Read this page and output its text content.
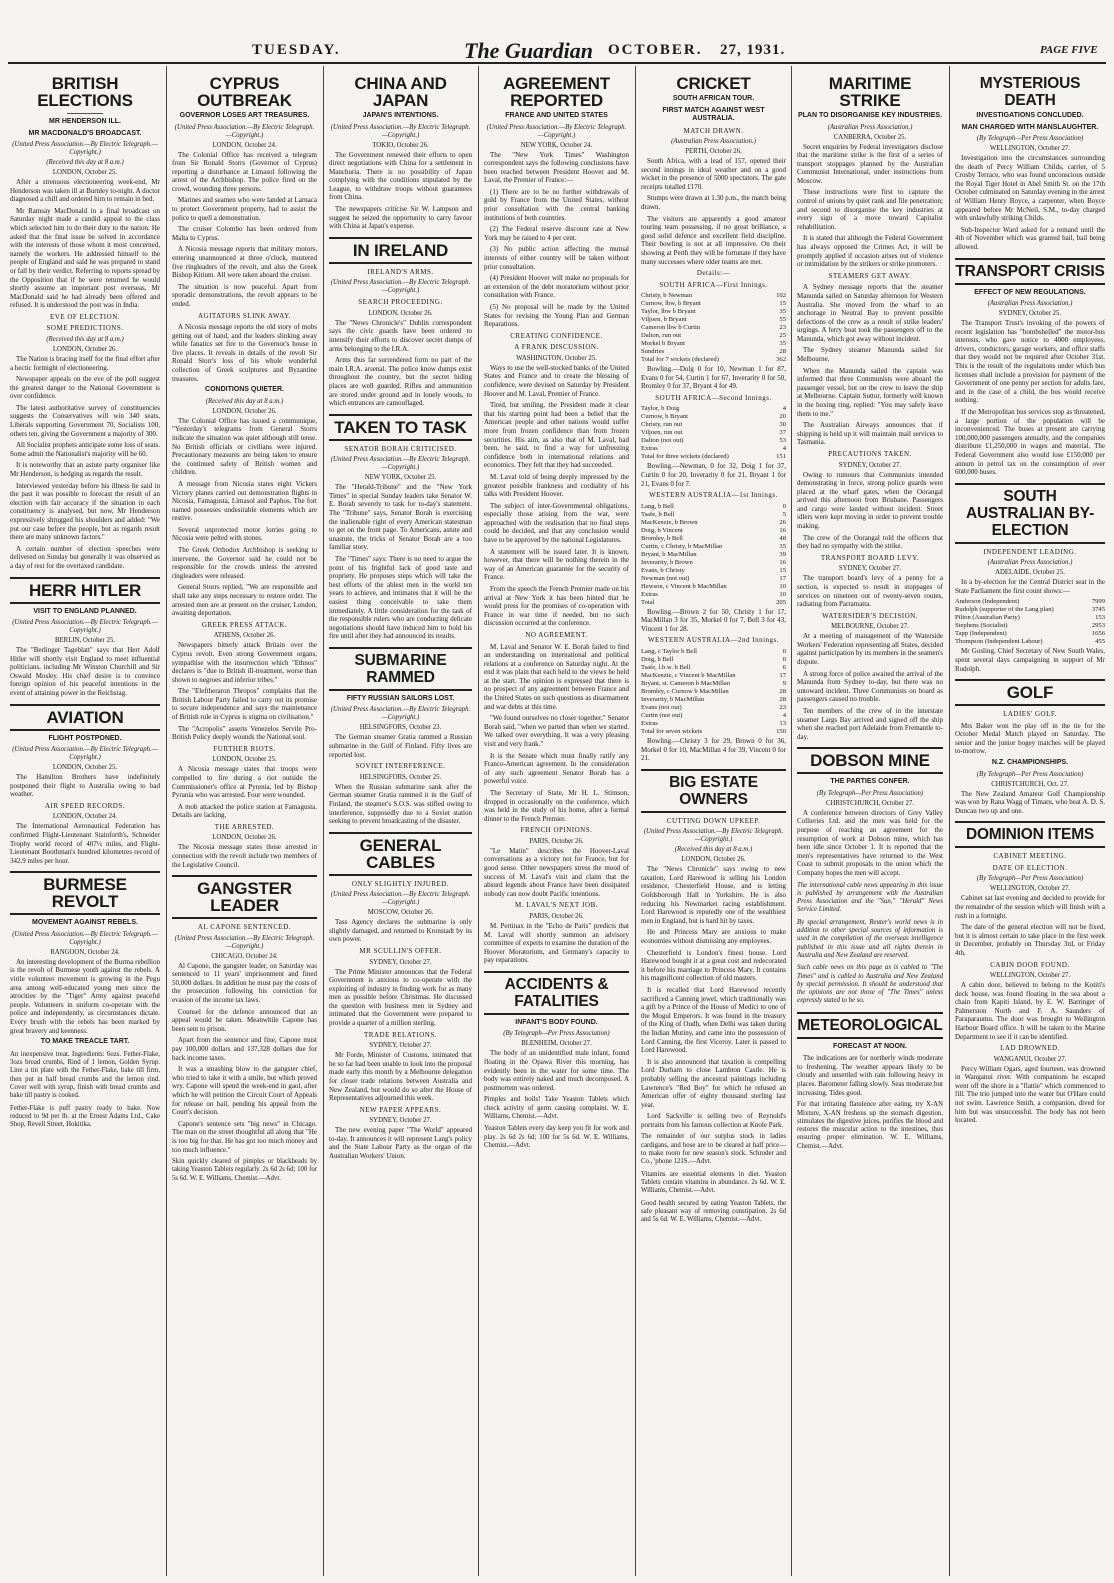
TUESDAY.	The Guardian OCTOBER. 27, 1931.	PAGE FIVE
BRITISH ELECTIONS
MR HENDERSON ILL.
MR MACDONALD'S BROADCAST.
(United Press Association.—By Electric Telegraph.—Copyright.)
(Received this day at 8 a.m.)
LONDON, October 25.

After a strenuous electioneering week-end, Mr Henderson was taken ill at Burnley to-night. A doctor diagnosed a chill and ordered him to remain in bed.

Mr Ramsay MacDonald in a final broadcast on Saturday night made a candid appeal to the class which selected him to do their duty to the nation. He asked that the final issue be solved in accordance with the interests of those whom it most concerned, namely the workers. He addressed himself to the people of England and said he was prepared to stand or fall by their verdict. Referring to reports spread by the Opposition that if he were returned he would shortly assume an important post overseas, Mr MacDonald said he had already been offered and refused. It is understood the post was in India.

EVE OF ELECTION.
SOME PREDICTIONS.
(Received this day at 8 a.m.)
LONDON, October 26.

The Nation is bracing itself for the final effort after a hectic fortnight of electioneering.

Newspaper appeals on the eve of the poll suggest the greatest danger to the National Government is over confidence.

The latest authoritative survey of constituencies suggests the Conservatives will win 340 seats, Liberals supporting Government 70, Socialists 100, others ten, giving the Government a majority of 300.

All Socialist prophets anticipate some loss of seats. Some admit the Nationalist's majority will be 60.

It is noteworthy that an astute party organiser like Mr Henderson, is hedging as regards the result.

Interviewed yesterday before his illness he said in the past it was possible to forecast the result of an election with fair accuracy if the situation in each constituency is analysed, but now, Mr Henderson expressively shrugged his shoulders and added: "We put our case before the people, but as regards result there are many unknown factors."

A certain number of election speeches were delivered on Sunday but generally it was observed as a day of rest for the overtaxed candidate.

HERR HITLER
VISIT TO ENGLAND PLANNED.
(United Press Association.—By Electric Telegraph.—Copyright.)
BERLIN, October 25.

The "Berlinger Tageblatt" says that Herr Adolf Hitler will shortly visit England to meet influential politicians, including Mr Winston Churchill and Sir Oswald Mosley. His chief desire is to convince foreign opinion of his peaceful intentions in the event of attaining power in the Reichstag.

AVIATION
FLIGHT POSTPONED.
(United Press Association.—By Electric Telegraph.—Copyright.)
LONDON, October 25.

The Hamilton Brothers have indefinitely postponed their flight to Australia owing to bad weather.

AIR SPEED RECORDS.
LONDON, October 24.

The International Aeronautical Federation has confirmed Flight-Lieutenant Stainforth's, Schneider Trophy world record of 407½ miles, and Flight-Lieutenant Boothman's hundred kilometres record of 342.9 miles per hour.

BURMESE REVOLT
MOVEMENT AGAINST REBELS.
(United Press Association.—By Electric Telegraph.—Copyright.)
RANGOON, October 24.

An interesting development of the Burma rebellion is the revolt of Burmese youth against the rebels. A virile volunteer movement is growing in the Pegu area among well-educated young men since the atrocities by the "Tiger" Army against peaceful people. Volunteers in uniform co-operate with the police and independently, as circumstances dictate. Every brush with the rebels has been marked by great bravery and keenness.

TO MAKE TREACLE TART.

An inexpensive treat. Ingredients: 6ozs. Fether-Flake, 3ozs bread crumbs, Rind of 1 lemon, Golden Syrup. Line a tin plate with the Fether-Flake, bake till firm, then put in half bread crumbs and the lemon rind. Cover well with syrup, finish with bread crumbs and bake till pastry is cooked.

Fether-Flake is puff pastry ready to bake. Now reduced to 9d per lb. at the Ernest Adams Ltd., Cake Shop, Revell Street, Hokitika.

CYPRUS OUTBREAK
GOVERNOR LOSES ART TREASURES.
(United Press Association.—By Electric Telegraph.—Copyright.)
LONDON, October 24.

The Colonial Office has received a telegram from Sir Ronald Storrs (Governor of Cyprus) reporting a disturbance at Limasol following the arrest of the Archbishop. The police fired on the crowd, wounding three persons.

Marines and seamen who were landed at Larnaca to protect Government property, had to assist the police to quell a demonstration.

The cruiser Colombo has been ordered from Malta to Cyprus.

A Nicosia message reports that military motors, entering unannounced at three o'clock, mustered five ringleaders of the revolt, and also the Greek Bishop Kitium. All were taken aboard the cruiser.

The situation is now peaceful. Apart from sporadic demonstrations, the revolt appears to be ended.

AGITATORS SLINK AWAY.

A Nicosia message reports the old story of mobs getting out of hand, and the leaders slinking away while fanatics set fire to the Governor's house in five places. It reveals in details of the revolt Sir Ronald Storr's loss of his whole wonderful collection of Greek sculptures and Byzantine treasures.

CONDITIONS QUIETER.
(Received this day at 8 a.m.)
LONDON, October 26.

The Colonial Office has issued a communique, "Yesterday's telegrams from General Storrs indicate the situation was quiet although still tense. No British officials or civilians were injured. Precautionary measures are being taken to ensure the continued safety of British women and children.

A message from Nicosia states eight Vickers Victory planes carried out demonstration flights in Nicosia, Famagusta, Limasol and Paphos. The fort named possesses undesirable elements which are restive.

Several unprotected motor lorries going to Nicosia were pelted with stones.

The Greek Orthodox Archbishop is seeking to intervene, the Governor said he could not be responsible for the crowds unless the arrested ringleaders were released.

General Storrs replied, "We are responsible and shall take any steps necessary to restore order. The arrested men are at present on the cruiser, London, awaiting deportation.

GREEK PRESS ATTACK.
ATHENS, October 26.

Newspapers bitterly attack Britain over the Cyprus revolt. Even strong Government organs, sympathise with the insurrection which "Ethnos" declares is "due to British ill-treatment, worse than shown to negroes and inferior tribes."

The "Eleftheraron Thropos" complains that the British Labour Party failed to carry out its promise to secure independence and says the maintenance of British rule in Cyprus is stigma on civilisation."

The "Acropolis" asserts Venezelos Servile Pro-British Policy deeply wounds the National soul.

FURTHER RIOTS.
LONDON, October 25.

A Nicosia message states that troops were compelled to fire during a riot outside the Commissioner's office at Pyrenia, led by Bishop Pyrania who was arrested. Four were wounded.

A mob attacked the police station at Famagusta. Details are lacking.

THE ARRESTED.
LONDON, October 26.

The Nicosia message states those arrested in connection with the revolt include two members of the Legislative Council.

GANGSTER LEADER
AL CAPONE SENTENCED.
(United Press Association.—By Electric Telegraph.—Copyright.)
CHICAGO, October 24.

Al Capone, the gangster leader, on Saturday was sentenced to 11 years' imprisonment and fined 50,000 dollars. In addition he must pay the costs of the prosecution following his conviction for evasion of the income tax laws.

Counsel for the defence announced that an appeal would be taken. Meanwhile Capone has been sent to prison.

Apart from the sentence and fine, Capone must pay 100,000 dollars and 137,328 dollars due for back income taxes.

It was a smashing blow to the gangster chief, who tried to take it with a smile, but which proved wry. Capone will spend the week-end in gaol, after which he will petition the Circuit Court of Appeals for release on bail, pending his appeal from the Court's decision.

Capone's sentence sets "big news" in Chicago. The man on the street thoughtful all along that "He is too big for that. He has got too much money and too much influence."

Skin quickly cleared of pimples or blackheads by taking Yeaston Tablets regularly. 2s 6d 2s 6d; 100 for 5s 6d. W. E. Williams, Chemist.—Advt.

CHINA AND JAPAN
JAPAN'S INTENTIONS.
(United Press Association.—By Electric Telegraph.—Copyright.)
TOKIO, October 26.

The Government renewed their efforts to open direct negotiations with China for a settlement in Manchuria. There is no possibility of Japan complying with the conditions stipulated by the League, to withdraw troops without guarantees from China.

The newspapers criticise Sir W. Lampson and suggest he seized the opportunity to carry favour with China at Japan's expense.

IN IRELAND
IRELAND'S ARMS.
(United Press Association.—By Electric Telegraph.—Copyright.)
SEARCH PROCEEDING.
LONDON, October 26.

The "News Chronicle's" Dublin correspondent says the civic guards have been ordered to intensify their efforts to discover secret dumps of arms belonging to the I.R.A.

Arms thus far surrendered form no part of the main I.R.A. arsenal. The police know dumps exist throughout the country, but the secret hiding places are well guarded. Rifles and ammunition are stored under ground and in lonely woods, to which entrances are camouflaged.

TAKEN TO TASK
SENATOR BORAH CRITICISED.
(United Press Association.—By Electric Telegraph.—Copyright.)
NEW YORK, October 25.

The "Herald-Tribune" and the "New York Times" in special Sunday leaders take Senator W. E. Borah severely to task for to-day's statement. The "Tribune" says, Senator Borah is exercising the inalienable right of every American statesman to get on the front page. To Americans, astute and unastute, the tricks of Senator Borah are a too familiar story.

The "Times" says: There is no need to argue the point of his frightful lack of good taste and propriety. He proposes steps which will take the best efforts of the ablest men in the world ten years to achieve, and intimates that it will be the easiest thing conceivable to take them immediately. A little consideration for the task of the responsible rulers who are conducting delicate negotiations should have induced him to hold his fire until after they had announced its results.

SUBMARINE RAMMED
FIFTY RUSSIAN SAILORS LOST.
(United Press Association.—By Electric Telegraph.—Copyright.)
HELSINGFORS, October 23.

The German steamer Gratia rammed a Russian submarine in the Gulf of Finland. Fifty lives are reported lost.

SOVIET INTERFERENCE.
HELSINGFORS, October 25.

When the Russian submarine sank after the German steamer Gratia rammed it in the Gulf of Finland, the steamer's S.O.S. was stifled owing to interference, supposedly due to a Soviet station seeking to prevent broadcasting of the disaster.

GENERAL CABLES
ONLY SLIGHTLY INJURED.
(United Press Association.—By Electric Telegraph.—Copyright.)
MOSCOW, October 26.

Tass Agency declares the submarine is only slightly damaged, and returned to Kronstadt by its own power.

MR SCULLIN'S OFFER.
SYDNEY, October 27.

The Prime Minister announces that the Federal Government is anxious to co-operate with the exploiting of industry in finding work for as many men as possible before Christmas. He discussed the question with business men in Sydney and intimated that the Government were prepared to provide a quarter of a million sterling.

TRADE RELATIONS.
SYDNEY, October 27.

Mr Forde, Minister of Customs, intimated that he so far had been unable to look into the proposal made early this month by a Melbourne delegation for closer trade relations between Australia and New Zealand, but would do so after the House of Representatives adjourned this week.

NEW PAPER APPEARS.
SYDNEY, October 27.

The new evening paper "The World" appeared to-day. It announces it will represent Lang's policy and the State Labour Party as the organ of the Australian Workers' Union.

AGREEMENT REPORTED
FRANCE AND UNITED STATES
(United Press Association.—By Electric Telegraph.—Copyright.)
NEW YORK, October 24.

The "New York Times" Washington correspondent says the following conclusions have been reached between President Hoover and M. Laval, the Premier of France:—

(1) There are to be no further withdrawals of gold by France from the United States, without prior consultation with the central banking institutions of both countries.

(2) The Federal reserve discount rate at New York may be raised to 4 per cent.

(3) No public action affecting the mutual interests of either country will be taken without prior consultation.

(4) President Hoover will make no proposals for an extension of the debt moratorium without prior consultation with France.

(5) No proposal will be made by the United States for revising the Young Plan and German Reparations.

CREATING CONFIDENCE.
A FRANK DISCUSSION.
WASHINGTON, October 25.

Ways to use the well-stocked banks of the United States and France and to create the blessing of confidence, were devised on Saturday by President Hoover and M. Laval, Premier of France.

Tired, but smiling, the President made it clear that his starting point had been a belief that the American people and other nations would suffer more from frozen confidence than from frozen securities. His aim, as also that of M. Laval, had been, he said, to find a way for unfreezing confidence both in international relations and economics. They felt that they had succeeded.

M. Laval told of being deeply impressed by the greatest possible frankness and cordiality of his talks with President Hoover.

The subject of inter-Governmental obligations, especially those arising from the war, were approached with the realisation that no final steps could be decided, and that any conclusion would have to be approved by the national Legislatures.

A statement will be issued later. It is known, however, that there will be nothing therein in the way of an American guarantee for the security of France.

From the speech the French Premier made on his arrival at New York it has been hinted that he would press for the promises of co-operation with France in war time if needed, but no such discussion occurred at the conference.

NO AGREEMENT.

M. Laval and Senator W. E. Borah failed to find an understanding on international and political relations at a conference on Saturday night. At the end it was plain that each held to the views he held at the start. The opinion is expressed that there is no prospect of any agreement between France and the United States on such questions as disarmament and war debts at this time.

"We found ourselves no closer together," Senator Borah said, "when we parted than when we started. We talked over everything. It was a very pleasing visit and very frank."

It is the Senate which must finally ratify any Franco-American agreement. In the consideration of any such agreement Senator Borah has a powerful voice.

The Secretary of State, Mr H. L. Stimson, dropped in occasionally on the conference, which was held in the study of his home, after a formal dinner to the French Premier.

FRENCH OPINIONS.
PARIS, October 26.

"Le Matin" describes the Hoover-Laval conversations as a victory not for France, but for good sense. Other newspapers stress the mood of success of M. Laval's visit and claim that the absurd legends about France have been dissipated nobody can now doubt Pacific intentions.

M. LAVAL'S NEXT JOB.
PARIS, October 26.

M. Pertinax in the "Echo de Paris" predicts that M. Laval will shortly summon an advisory committee of experts to examine the duration of the Hoover Moratorium, and Germany's capacity to pay reparations.

ACCIDENTS & FATALITIES
INFANT'S BODY FOUND.
(By Telegraph—Per Press Association)
BLENHEIM, October 27.

The body of an unidentified male infant, found floating in the Opawa River this morning, has evidently been in the water for some time. The body was entirely naked and much decomposed. A postmortem was ordered.

Pimples and boils! Take Yeaston Tablets which check activity of germ causing complaint. W. E. Williams, Chemist.—Advt.

Yeaston Tablets every day keep you fit for work and play. 2s 6d 2s 6d; 100 for 5s 6d. W. E. Williams, Chemist.—Advt.

CRICKET
SOUTH AFRICAN TOUR.
FIRST MATCH AGAINST WEST AUSTRALIA.
MATCH DRAWN.
(Australian Press Association.)
PERTH, October 26.

South Africa, with a lead of 157, opened their second innings in ideal weather and on a good wicket in the presence of 5000 spectators. The gate receipts totalled £170.

Stumps were drawn at 1.30 p.m., the match being drawn.

The visitors are apparently a good amateur touring team possessing, if no great brilliance, a good solid defence and excellent field discipline. Their bowling is not at all impressive. On their showing at Perth they will be fortunate if they have many successes where older teams are met.

Details:—
SOUTH AFRICA—First Innings.
Christy, b Newman	102
Curnow, lbw, b Bryant	15
Taylor, lbw b Bryant	35
Viljoen, b Bryant	55
Cameron lbw b Curtin	23
Dalton, run out	25
Morkel b Bryant	35
Sundries	28
Total for 7 wickets (declared)	362

Bowling.—Dolg 0 for 10, Newman 1 for 87, Evans 0 for 54, Curtin 1 for 67, Inverarity 0 for 50, Bromley 0 for 37, Bryant 4 for 49.

SOUTH AFRICA—Second Innings.
Taylor, b Doig	4
Curnow, b Bryant	20
Christy, run out	30
Viljoen, run out	37
Dalton (not out)	53
Extras	4
Total for three wickets (declared)	151

Bowling.—Newman, 0 for 32, Doig 1 for 37, Curtin 0 for 20, Inverarity 0 for 21, Bryant 1 for 21, Evans 0 for 7.

WESTERN AUSTRALIA—1st Innings.
Lang, b Bell	0
Tsafe, b Bell	5
MacKenzie, b Brown	26
Doig, b Vincent	16
Bromley, b Bell	48
Curtin, c Christy, b MacMillan	35
Bryant, b MacMillan	39
Inverarity, b Brown	16
Evans, b Christy	15
Newman (not out)	17
Hewson, c Vincent b MacMillan	10
Extras	10
Total	205

Bowling.—Brown 2 for 50, Christy 1 for 17, MacMillan 3 for 35, Morkel 0 for 7, Bell 3 for 43, Vincent 1 for 28.

WESTERN AUSTRALIA—2nd Innings.
Lang, c Taylor b Bell	0
Doig, b Bell	0
Tsafe, l.b.w. b Bell	6
MacKenzie, c Vincent b MacMillan	17
Bryant, st. Cameron b MacMillan	9
Bromley, c Curnow b MacMillan	28
Inverarity, b MacMillan	28
Evans (not out)	23
Curtin (not out)	4
Extras	13
Total for seven wickets	150

Bowling.—Christy 3 for 29, Brown 0 for 36, Morkel 0 for 10, MacMillan 4 for 39, Vincent 0 for 21.

BIG ESTATE OWNERS
CUTTING DOWN UPKEEP.
(United Press Association.—By Electric Telegraph.—Copyright.)
(Received this day at 8 a.m.)
LONDON, October 26.

The "News Chronicle" says owing to new taxation, Lord Harewood is selling his London residence, Chesterfield House, and is letting Goldsborough Hall in Yorkshire. He is also reducing his Newmarket racing establishment. Lord Harewood is reputedly one of the wealthiest men in England, but is hard hit by taxes.

He and Princess Mary are anxious to make economies without dismissing any employees.

Chesterfield is London's finest house. Lord Harewood bought it at a great cost and redecorated it before his marriage to Princess Mary. It contains his magnificent collection of old masters.

It is recalled that Lord Harewood recently sacrificed a Canning jewel, which traditionally was a gift by a Prince of the House of Medici to one of the Mogul Emperors. It was found in the treasury of the King of Oudh, when Delhi was taken during the Indian Mutiny, and came into the possession of Lord Canning, the first Viceroy. Later is passed to Lord Harewood.

It is also announced that taxation is compelling Lord Durham to close Lambton Castle. He is probably selling the ancestral paintings including Lawrence's "Red Boy" for which he refused an American offer of eighty thousand sterling last year.

Lord Sackville is selling two of Reynold's portraits from his famous collection at Knole Park.

The remainder of our surplus stock in ladies cardigans, and hose are to be cleared at half price—to make room for new season's stock. Schroder and Co., 'phone 121S.—Advt.

Vitamins are essential elements in diet. Yeaston Tablets contain vitamins in abundance. 2s 6d. W. E. Williams, Chemist.—Advt.

Good health secured by eating Yeaston Tablets, the safe pleasant way of removing constipation. 2s 6d and 5s 6d. W. E. Williams, Chemist.—Advt.

MARITIME STRIKE
PLAN TO DISORGANISE KEY INDUSTRIES.
(Australian Press Association.)
CANBERRA, October 25.

Secret enquiries by Federal investigators disclose that the maritime strike is the first of a series of transport stoppages planned by the Australian Communist International, under instructions from Moscow.

These instructions were first to capture the control of unions by quiet rank and file penetration; and second to disorganise the key industries at every sign of a move toward Capitalist rehabilitation.

It is stated that although the Federal Government has always opposed the Crimes Act, it will be promptly applied if occasion arises out of violence or intimidation by the strikers or strike promoters.

STEAMERS GET AWAY.

A Sydney message reports that the steamer Manunda sailed on Saturday afternoon for Western Australia. She moved from the wharf to an anchorage in Neutral Bay to prevent possible defections of the crew as a result of strike leaders' urgings. A ferry boat took the passengers off to the Manunda, which got away without incident.

The Sydney steamer Manunda sailed for Melbourne.

When the Manunda sailed the captain was informed that three Communists were aboard the passenger vessel, but on the crew to leave the ship at Melbourne. Captain Suttor, formerly well known in the boxing ring, replied: "You may safely leave them to me."

The Australian Airways announces that if shipping is held up it will maintain mail services to Tasmania.

PRECAUTIONS TAKEN.
SYDNEY, October 27.

Owing to rumours that Communists intended demonstrating in force, strong police guards were placed at the wharf gates, when the Oorangal arrived this afternoon from Brisbane. Passengers and cargo were landed without incident. Street idlers were kept moving in order to prevent trouble making.

The crew of the Oorangal told the officers that they had no sympathy with the strike.

TRANSPORT BOARD LEVY.
SYDNEY, October 27.

The transport board's levy of a penny for a section, is expected to result in stoppages of services on nineteen out of twenty-seven routes, radiating from Parramatta.

WATERSIDER'S DECISION.
MELBOURNE, October 27.

At a meeting of management of the Waterside Workers' Federation representing all States, decided against participation by its members in the seamen's dispute.

A strong force of police awaited the arrival of the Manunda from Sydney to-day, but there was no untoward incident. Three Communists on board as passengers caused no trouble.

Ten members of the crew of in the interstate steamer Largs Bay arrived and signed off the ship when she reached port Adelaide from Fremantle to-day.

DOBSON MINE
THE PARTIES CONFER.
(By Telegraph—Per Press Association)
CHRISTCHURCH, October 27.

A conference between directors of Grey Valley Collieries Ltd. and the men was held for the purpose of reaching an agreement for the resumption of work at Dobson mine, which has been idle since October 1. It is reported that the men's representatives have returned to the West Coast to submit proposals to the union which the Company hopes the men will accept.

The international cable news appearing in this issue is published by arrangement with the Australian Press Association and the "Sun," "Herald" News Service Limited.

By special arrangement, Reuter's world news is in addition to other special sources of information is used in the compilation of the overseas intelligence published in this issue and all rights therein in Australia and New Zealand are reserved.

Such cable news on this page as is cabled to "The Times" and is cabled to Australia and New Zealand by special permission. It should be understood that the opinions are not those of "The Times" unless expressly stated to be so.

METEOROLOGICAL
FORECAST AT NOON.

The indications are for northerly winds moderate to freshening. The weather appears likely to be cloudy and unsettled with rain following heavy in places. Barometer falling slowly. Seas moderate but increasing. Tides good.

For that irritating flatulence after eating, try X-AN Mixture, X-AN freshens up the stomach digestion, stimulates the digestive juices, purifies the blood and restores the muscular action to the intestines, thus ensuring proper elimination. W. E. Williams, Chemist.—Advt.

MYSTERIOUS DEATH
INVESTIGATIONS CONCLUDED.
MAN CHARGED WITH MANSLAUGHTER.
(By Telegraph—Per Press Association)
WELLINGTON, October 27.

Investigation into the circumstances surrounding the death of Percy William Childs, carrier, of 5 Crosby Terrace, who was found unconscious outside the Royal Tiger Hotel in Abel Smith St. on the 17th October culminated on Saturday evening in the arrest of William Henry Boyce, a carpenter, when Boyce appeared before Mr McNeil, S.M., to-day charged with unlawfully striking Childs.

Sub-Inspector Ward asked for a remand until the 4th of November which was granted bail, bail being allowed.

TRANSPORT CRISIS
EFFECT OF NEW REGULATIONS.
(Australian Press Association.)
SYDNEY, October 25.

The Transport Trust's invoking of the powers of recent legislation has "bombshelled" the motor-bus interests, who gave notice to 4000 employees, drivers, conductors, garage workers, and office staffs that they would not be required after October 31st. This is the result of the regulations under which bus licenses shall include a provision for payment of the Government of one penny per section for adults fare, and in the case of a child, the bus would receive nothing.

If the Metropolitan bus services stop as threatened, a large portion of the population will be inconvenienced. The buses at present are carrying 100,000,000 passengers annually, and the companies distribute £1,250,000 in wages and material. The Federal Government also would lose £150,000 per annum in petrol tax on the consumption of over 600,000 buses.

SOUTH AUSTRALIAN BY-ELECTION
INDEPENDENT LEADING.
(Australian Press Association.)
ADELAIDE, October 25.

In a by-election for the Central District seat in the State Parliament the first count shows:—

Anderson (Independent)	7999
Rudolph (supporter of the Lang plan)	3745
Pilton (Australian Party)	153
Stephens (Socialist)	2953
Tapp (Independent)	1656
Thompson (Independent Labour)	455

Mr Gosling, Chief Secretary of New South Wales, spent several days campaigning in support of Mr Rudolph.

GOLF
LADIES' GOLF.

Mrs Baker won the play off in the tie for the October Medal Match played on Saturday. The senior and the junior bogey matches will be played to-morrow.

N.Z. CHAMPIONSHIPS.
(By Telegraph—Per Press Association)
CHRISTCHURCH, Oct. 27.

The New Zealand Amateur Golf Championship was won by Rana Wagg of Timaru, who beat A. D. S. Duncan two up and one.

DOMINION ITEMS
CABINET MEETING.
DATE OF ELECTION.
(By Telegraph—Per Press Association)
WELLINGTON, October 27.

Cabinet sat last evening and decided to provide for the remainder of the session which will finish with a rush in a fortnight.

The date of the general election will not be fixed, but it is almost certain to take place in the first week in December, probably on Thursday 3rd, or Friday 4th.

CABIN DOOR FOUND.
WELLINGTON, October 27.

A cabin door, believed to belong to the Kotiti's deck house, was found floating in the sea about a chain from Kapiti Island, by E. W. Barringer of Palmerston North and F. A. Saunders of Paraparaumu. The door was brought to Wellington Harbour Board office. It will be taken to the Marine Department to see if it can be identified.

LAD DROWNED.
WANGANUI, October 27.

Percy William Ogars, aged fourteen, was drowned in Wanganui river. With companions he escaped went off the shore in a "flattie" which commenced to fill. The trio jumped into the water but O'Hare could not swim. Lawrence Smith, a companion, dived for him but was unsuccessful. The body has not been located.
